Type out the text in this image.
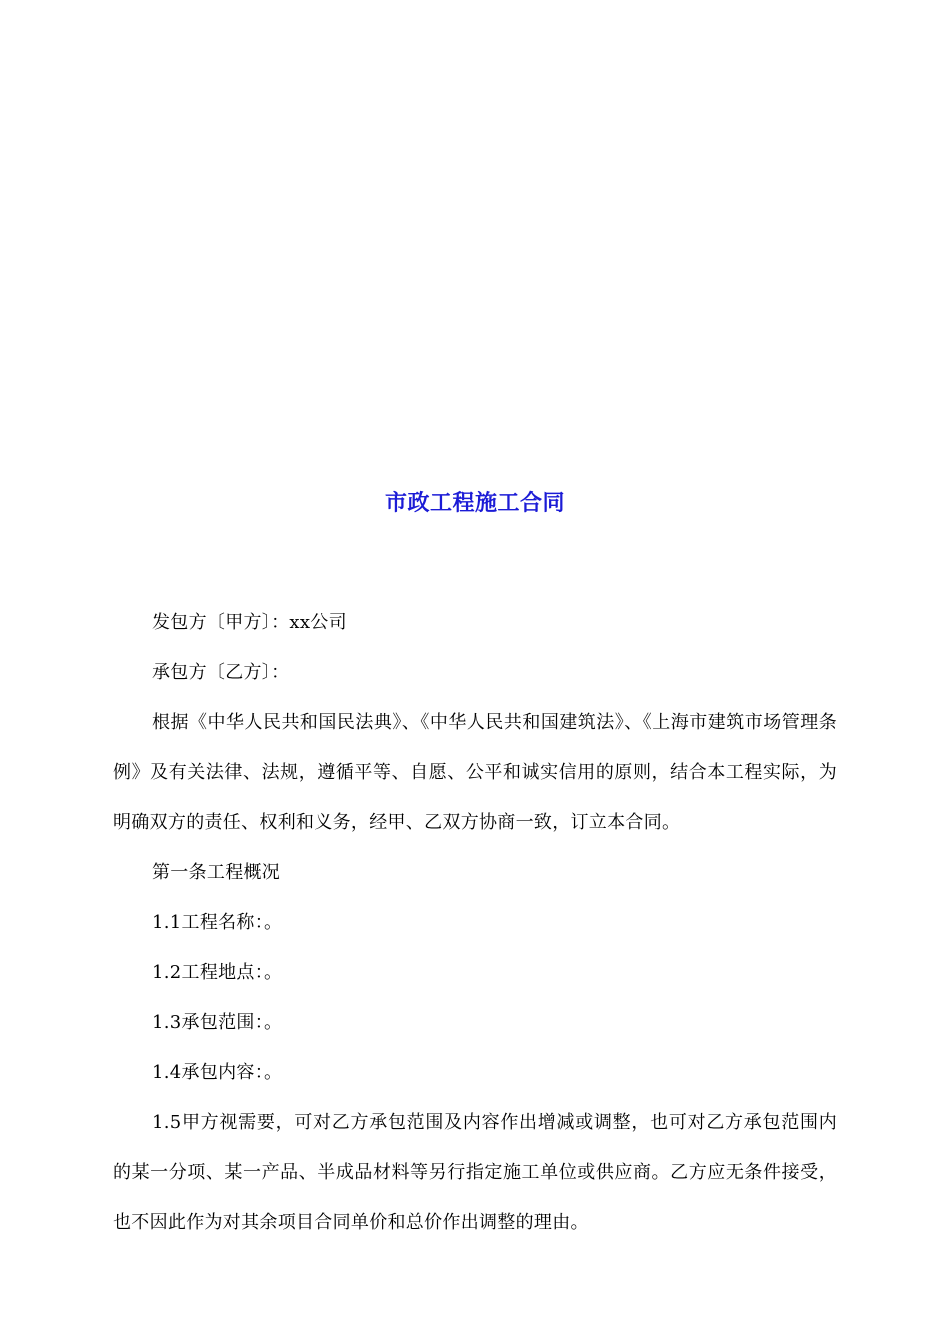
市政工程施工合同

发包方〔甲方〕：xx公司

承包方〔乙方〕：

根据《中华人民共和国民法典》、《中华人民共和国建筑法》、《上海市建筑市场管理条例》及有关法律、法规，遵循平等、自愿、公平和诚实信用的原则，结合本工程实际，为明确双方的责任、权利和义务，经甲、乙双方协商一致，订立本合同。

第一条工程概况

1.1工程名称：。

1.2工程地点：。

1.3承包范围：。

1.4承包内容：。

1.5甲方视需要，可对乙方承包范围及内容作出增减或调整，也可对乙方承包范围内的某一分项、某一产品、半成品材料等另行指定施工单位或供应商。乙方应无条件接受，也不因此作为对其余项目合同单价和总价作出调整的理由。
